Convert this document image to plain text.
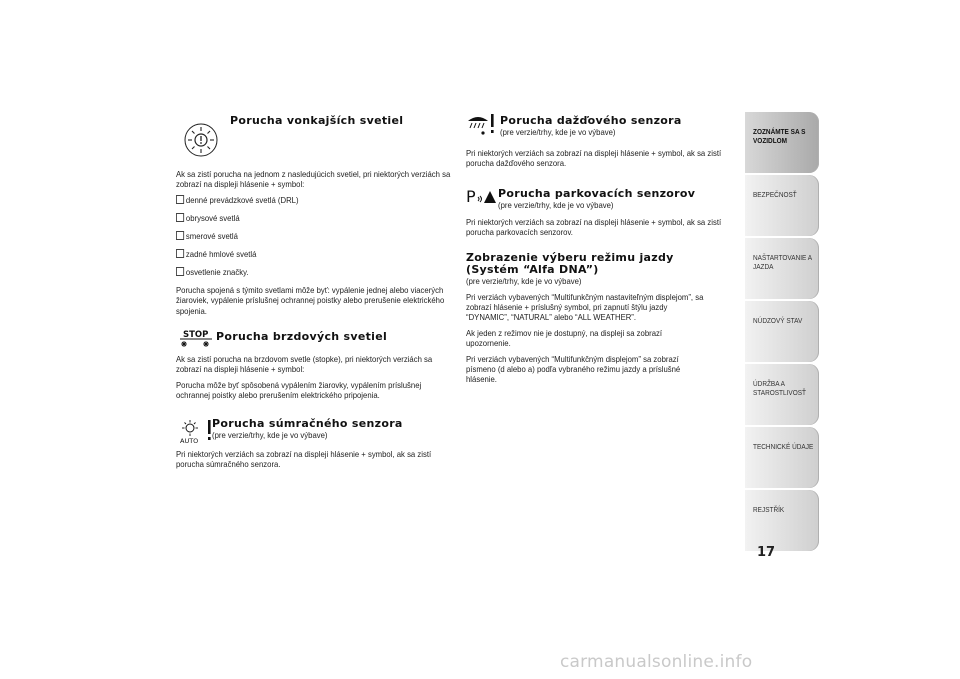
Porucha vonkajších svetiel
Ak sa zistí porucha na jednom z nasledujúcich svetiel, pri niektorých verziách sa zobrazí na displeji hlásenie + symbol:
denné prevádzkové svetlá (DRL)
obrysové svetlá
smerové svetlá
zadné hmlové svetlá
osvetlenie značky.
Porucha spojená s týmito svetlami môže byť: vypálenie jednej alebo viacerých žiaroviek, vypálenie príslušnej ochrannej poistky alebo prerušenie elektrického spojenia.
STOP Porucha brzdových svetiel
Ak sa zistí porucha na brzdovom svetle (stopke), pri niektorých verziách sa zobrazí na displeji hlásenie + symbol:
Porucha môže byť spôsobená vypálením žiarovky, vypálením príslušnej ochrannej poistky alebo prerušením elektrického pripojenia.
AUTO
Porucha súmračného senzora
(pre verzie/trhy, kde je vo výbave)
Pri niektorých verziách sa zobrazí na displeji hlásenie + symbol, ak sa zistí porucha súmračného senzora.
Porucha dažďového senzora
(pre verzie/trhy, kde je vo výbave)
Pri niektorých verziách sa zobrazí na displeji hlásenie + symbol, ak sa zistí porucha dažďového senzora.
P Porucha parkovacích senzorov
(pre verzie/trhy, kde je vo výbave)
Pri niektorých verziách sa zobrazí na displeji hlásenie + symbol, ak sa zistí porucha parkovacích senzorov.
Zobrazenie výberu režimu jazdy
(Systém “Alfa DNA”)
(pre verzie/trhy, kde je vo výbave)
Pri verziách vybavených “Multifunkčným nastaviteľným displejom”, sa zobrazí hlásenie + príslušný symbol, pri zapnutí štýlu jazdy “DYNAMIC”, “NATURAL” alebo “ALL WEATHER”.
Ak jeden z režimov nie je dostupný, na displeji sa zobrazí upozornenie.
Pri verziách vybavených “Multifunkčným displejom” sa zobrazí písmeno (d alebo a) podľa vybraného režimu jazdy a príslušné hlásenie.
ZOZNÁMTE SA S VOZIDLOM
BEZPEČNOSŤ
NAŠTARTOVANIE A JAZDA
NÚDZOVÝ STAV
ÚDRŽBA A STAROSTLIVOSŤ
TECHNICKÉ ÚDAJE
REJSTŘÍK
17
carmanualsonline.info
